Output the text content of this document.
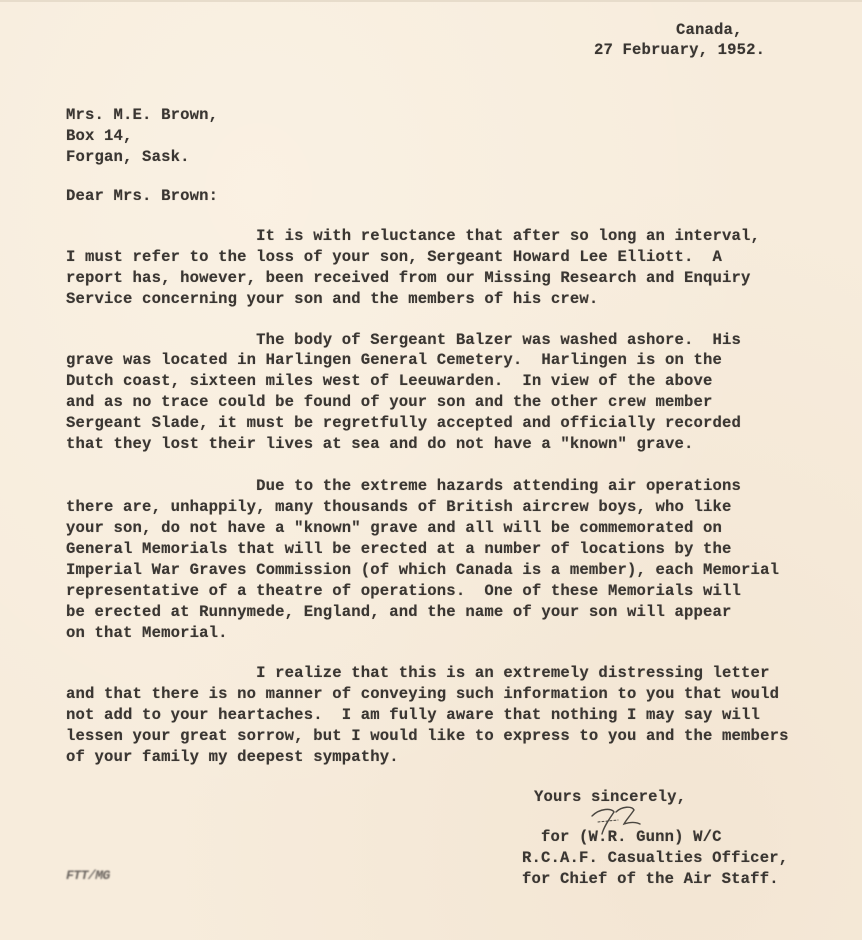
Canada,
27 February, 1952.
Mrs. M.E. Brown,
Box 14,
Forgan, Sask.
Dear Mrs. Brown:
It is with reluctance that after so long an interval,
I must refer to the loss of your son, Sergeant Howard Lee Elliott.  A
report has, however, been received from our Missing Research and Enquiry
Service concerning your son and the members of his crew.
The body of Sergeant Balzer was washed ashore.  His
grave was located in Harlingen General Cemetery.  Harlingen is on the
Dutch coast, sixteen miles west of Leeuwarden.  In view of the above
and as no trace could be found of your son and the other crew member
Sergeant Slade, it must be regretfully accepted and officially recorded
that they lost their lives at sea and do not have a "known" grave.
Due to the extreme hazards attending air operations
there are, unhappily, many thousands of British aircrew boys, who like
your son, do not have a "known" grave and all will be commemorated on
General Memorials that will be erected at a number of locations by the
Imperial War Graves Commission (of which Canada is a member), each Memorial
representative of a theatre of operations.  One of these Memorials will
be erected at Runnymede, England, and the name of your son will appear
on that Memorial.
I realize that this is an extremely distressing letter
and that there is no manner of conveying such information to you that would
not add to your heartaches.  I am fully aware that nothing I may say will
lessen your great sorrow, but I would like to express to you and the members
of your family my deepest sympathy.
Yours sincerely,
for (W.R. Gunn) W/C
R.C.A.F. Casualties Officer,
for Chief of the Air Staff.
FTT/MG
